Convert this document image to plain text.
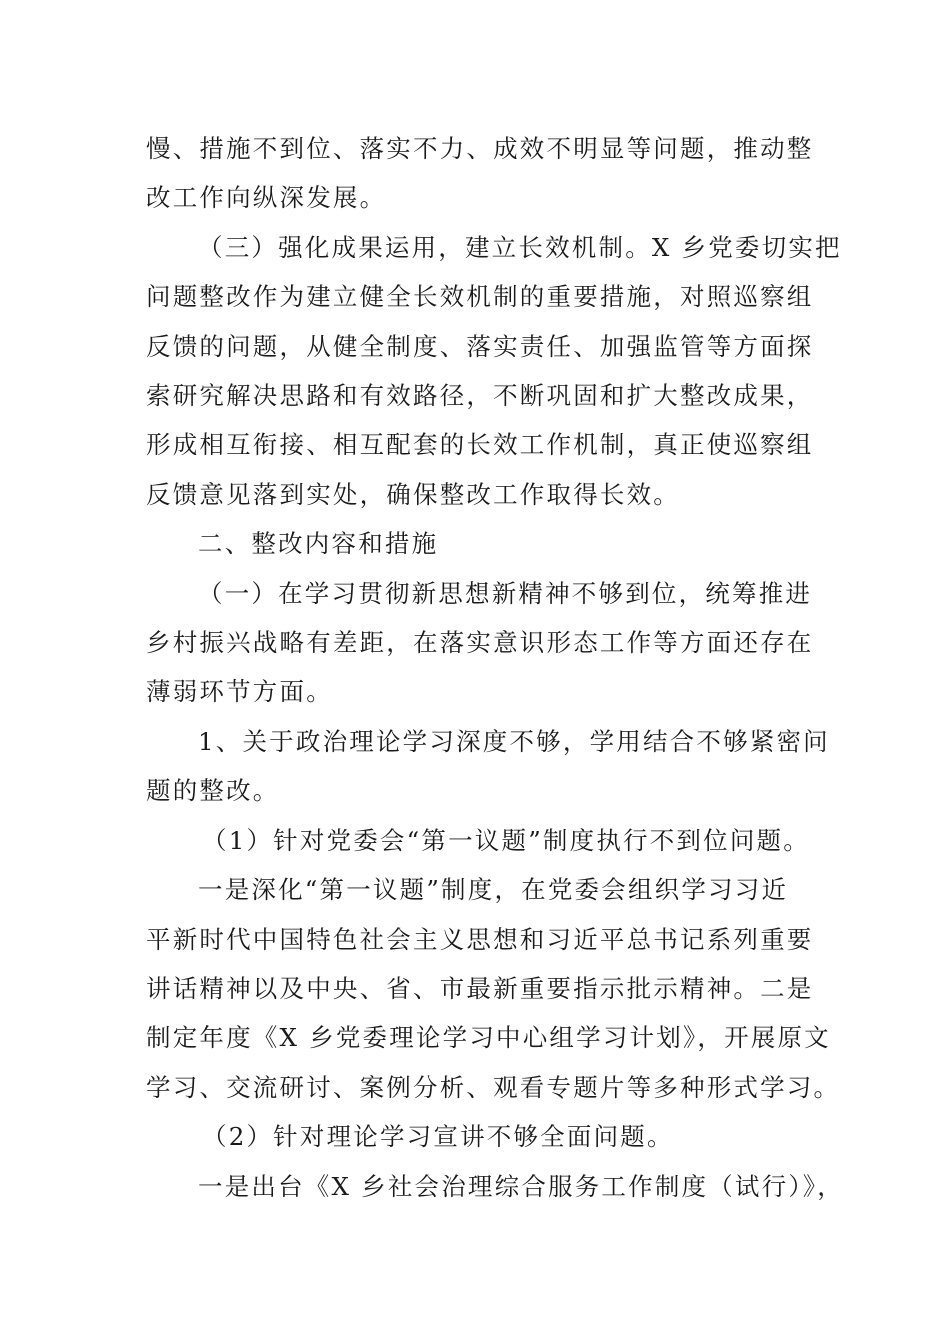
慢、措施不到位、落实不力、成效不明显等问题，推动整
改工作向纵深发展。
（三）强化成果运用，建立长效机制。X 乡党委切实把
问题整改作为建立健全长效机制的重要措施，对照巡察组
反馈的问题，从健全制度、落实责任、加强监管等方面探
索研究解决思路和有效路径，不断巩固和扩大整改成果，
形成相互衔接、相互配套的长效工作机制，真正使巡察组
反馈意见落到实处，确保整改工作取得长效。
二、整改内容和措施
（一）在学习贯彻新思想新精神不够到位，统筹推进
乡村振兴战略有差距，在落实意识形态工作等方面还存在
薄弱环节方面。
1、关于政治理论学习深度不够，学用结合不够紧密问
题的整改。
（1）针对党委会“第一议题”制度执行不到位问题。
一是深化“第一议题”制度，在党委会组织学习习近
平新时代中国特色社会主义思想和习近平总书记系列重要
讲话精神以及中央、省、市最新重要指示批示精神。二是
制定年度《X 乡党委理论学习中心组学习计划》，开展原文
学习、交流研讨、案例分析、观看专题片等多种形式学习。
（2）针对理论学习宣讲不够全面问题。
一是出台《X 乡社会治理综合服务工作制度（试行）》，
